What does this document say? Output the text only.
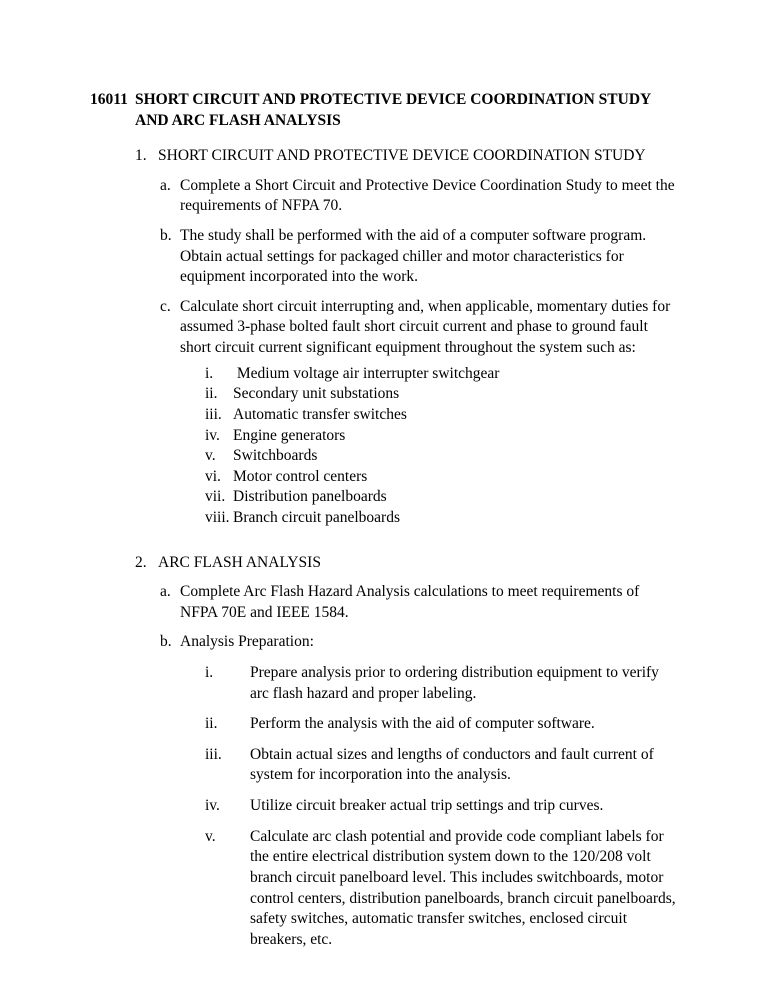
16011 SHORT CIRCUIT AND PROTECTIVE DEVICE COORDINATION STUDY AND ARC FLASH ANALYSIS
1. SHORT CIRCUIT AND PROTECTIVE DEVICE COORDINATION STUDY
a. Complete a Short Circuit and Protective Device Coordination Study to meet the requirements of NFPA 70.
b. The study shall be performed with the aid of a computer software program. Obtain actual settings for packaged chiller and motor characteristics for equipment incorporated into the work.
c. Calculate short circuit interrupting and, when applicable, momentary duties for assumed 3-phase bolted fault short circuit current and phase to ground fault short circuit current significant equipment throughout the system such as:
i.	Medium voltage air interrupter switchgear
ii.	Secondary unit substations
iii. Automatic transfer switches
iv. Engine generators
v.	Switchboards
vi. Motor control centers
vii. Distribution panelboards
viii. Branch circuit panelboards
2. ARC FLASH ANALYSIS
a. Complete Arc Flash Hazard Analysis calculations to meet requirements of NFPA 70E and IEEE 1584.
b. Analysis Preparation:
i.	Prepare analysis prior to ordering distribution equipment to verify arc flash hazard and proper labeling.
ii.	Perform the analysis with the aid of computer software.
iii.	Obtain actual sizes and lengths of conductors and fault current of system for incorporation into the analysis.
iv.	Utilize circuit breaker actual trip settings and trip curves.
v.	Calculate arc clash potential and provide code compliant labels for the entire electrical distribution system down to the 120/208 volt branch circuit panelboard level. This includes switchboards, motor control centers, distribution panelboards, branch circuit panelboards, safety switches, automatic transfer switches, enclosed circuit breakers, etc.
